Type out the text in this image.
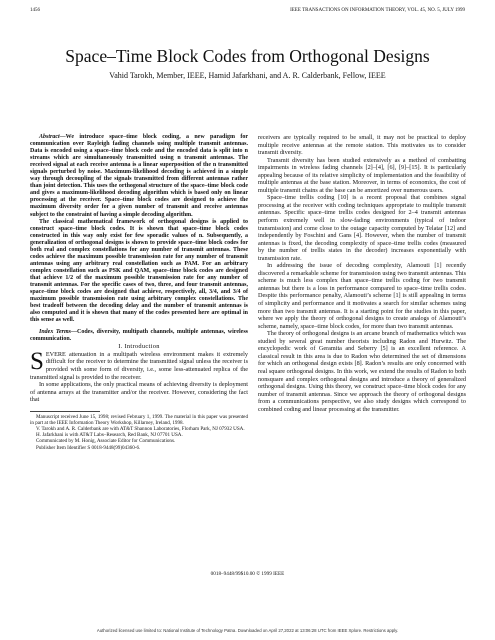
1456	IEEE TRANSACTIONS ON INFORMATION THEORY, VOL. 45, NO. 5, JULY 1999
Space–Time Block Codes from Orthogonal Designs
Vahid Tarokh, Member, IEEE, Hamid Jafarkhani, and A. R. Calderbank, Fellow, IEEE

Abstract—We introduce space–time block coding, a new paradigm for communication over Rayleigh fading channels using multiple transmit antennas. Data is encoded using a space–time block code and the encoded data is split into n streams which are simultaneously transmitted using n transmit antennas. The received signal at each receive antenna is a linear superposition of the n transmitted signals perturbed by noise. Maximum-likelihood decoding is achieved in a simple way through decoupling of the signals transmitted from different antennas rather than joint detection. This uses the orthogonal structure of the space–time block code and gives a maximum-likelihood decoding algorithm which is based only on linear processing at the receiver. Space–time block codes are designed to achieve the maximum diversity order for a given number of transmit and receive antennas subject to the constraint of having a simple decoding algorithm.

The classical mathematical framework of orthogonal designs is applied to construct space–time block codes. It is shown that space–time block codes constructed in this way only exist for few sporadic values of n. Subsequently, a generalization of orthogonal designs is shown to provide space–time block codes for both real and complex constellations for any number of transmit antennas. These codes achieve the maximum possible transmission rate for any number of transmit antennas using any arbitrary real constellation such as PAM. For an arbitrary complex constellation such as PSK and QAM, space–time block codes are designed that achieve 1/2 of the maximum possible transmission rate for any number of transmit antennas. For the specific cases of two, three, and four transmit antennas, space–time block codes are designed that achieve, respectively, all, 3/4, and 3/4 of maximum possible transmission rate using arbitrary complex constellations. The best tradeoff between the decoding delay and the number of transmit antennas is also computed and it is shown that many of the codes presented here are optimal in this sense as well.

Index Terms—Codes, diversity, multipath channels, multiple antennas, wireless communication.

I. Introduction

SEVERE attenuation in a multipath wireless environment makes it extremely difficult for the receiver to determine the transmitted signal unless the receiver is provided with some form of diversity, i.e., some less-attenuated replica of the transmitted signal is provided to the receiver.

In some applications, the only practical means of achieving diversity is deployment of antenna arrays at the transmitter and/or the receiver. However, considering the fact that

Manuscript received June 15, 1998; revised February 1, 1999. The material in this paper was presented in part at the IEEE Information Theory Workshop, Killarney, Ireland, 1998.

V. Tarokh and A. R. Calderbank are with AT&T Shannon Laboratories, Florham Park, NJ 07932 USA.

H. Jafarkhani is with AT&T Labs–Research, Red Bank, NJ 07701 USA.

Communicated by M. Honig, Associate Editor for Communications.

Publisher Item Identifier S 0018-9448(99)04360-6.

receivers are typically required to be small, it may not be practical to deploy multiple receive antennas at the remote station. This motivates us to consider transmit diversity.

Transmit diversity has been studied extensively as a method of combatting impairments in wireless fading channels [2]–[4], [6], [9]–[15]. It is particularly appealing because of its relative simplicity of implementation and the feasibility of multiple antennas at the base station. Moreover, in terms of economics, the cost of multiple transmit chains at the base can be amortized over numerous users.

Space–time trellis coding [10] is a recent proposal that combines signal processing at the receiver with coding techniques appropriate to multiple transmit antennas. Specific space–time trellis codes designed for 2–4 transmit antennas perform extremely well in slow-fading environments (typical of indoor transmission) and come close to the outage capacity computed by Telatar [12] and independently by Foschini and Gans [4]. However, when the number of transmit antennas is fixed, the decoding complexity of space–time trellis codes (measured by the number of trellis states in the decoder) increases exponentially with transmission rate.

In addressing the issue of decoding complexity, Alamouti [1] recently discovered a remarkable scheme for transmission using two transmit antennas. This scheme is much less complex than space–time trellis coding for two transmit antennas but there is a loss in performance compared to space–time trellis codes. Despite this performance penalty, Alamouti’s scheme [1] is still appealing in terms of simplicity and performance and it motivates a search for similar schemes using more than two transmit antennas. It is a starting point for the studies in this paper, where we apply the theory of orthogonal designs to create analogs of Alamouti’s scheme, namely, space–time block codes, for more than two transmit antennas.

The theory of orthogonal designs is an arcane branch of mathematics which was studied by several great number theorists including Radon and Hurwitz. The encyclopedic work of Geramita and Seberry [5] is an excellent reference. A classical result in this area is due to Radon who determined the set of dimensions for which an orthogonal design exists [8]. Radon’s results are only concerned with real square orthogonal designs. In this work, we extend the results of Radon to both nonsquare and complex orthogonal designs and introduce a theory of generalized orthogonal designs. Using this theory, we construct space–time block codes for any number of transmit antennas. Since we approach the theory of orthogonal designs from a communications perspective, we also study designs which correspond to combined coding and linear processing at the transmitter.

0018–9448/99$10.00 © 1999 IEEE
Authorized licensed use limited to: National Institute of Technology Patna. Downloaded on April 27,2022 at 13:06:28 UTC from IEEE Xplore. Restrictions apply.
